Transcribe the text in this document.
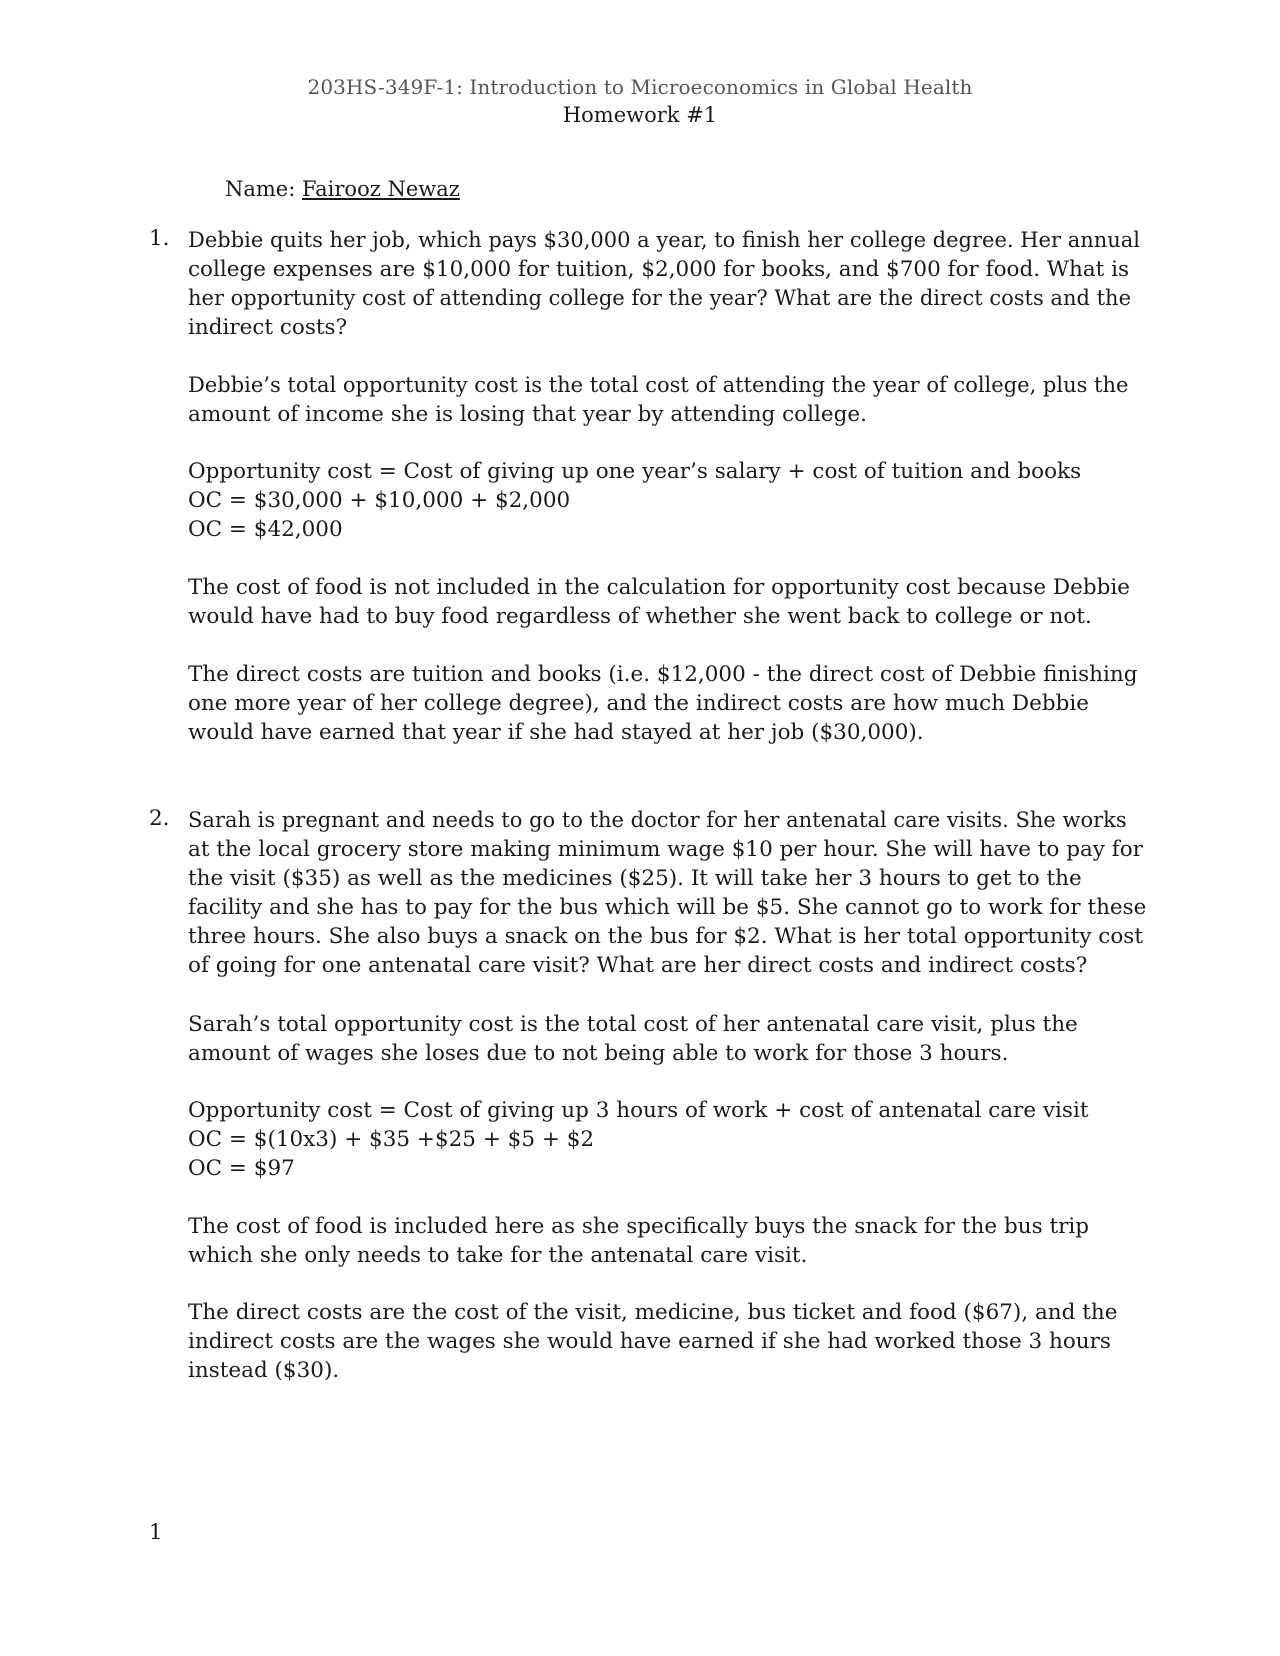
203HS-349F-1: Introduction to Microeconomics in Global Health
Homework #1
Name: Fairooz Newaz
1. Debbie quits her job, which pays $30,000 a year, to finish her college degree. Her annual
college expenses are $10,000 for tuition, $2,000 for books, and $700 for food. What is
her opportunity cost of attending college for the year? What are the direct costs and the
indirect costs?
Debbie’s total opportunity cost is the total cost of attending the year of college, plus the
amount of income she is losing that year by attending college.
Opportunity cost = Cost of giving up one year’s salary + cost of tuition and books
OC = $30,000 + $10,000 + $2,000
OC = $42,000
The cost of food is not included in the calculation for opportunity cost because Debbie
would have had to buy food regardless of whether she went back to college or not.
The direct costs are tuition and books (i.e. $12,000 - the direct cost of Debbie finishing
one more year of her college degree), and the indirect costs are how much Debbie
would have earned that year if she had stayed at her job ($30,000).
2. Sarah is pregnant and needs to go to the doctor for her antenatal care visits. She works
at the local grocery store making minimum wage $10 per hour. She will have to pay for
the visit ($35) as well as the medicines ($25). It will take her 3 hours to get to the
facility and she has to pay for the bus which will be $5. She cannot go to work for these
three hours. She also buys a snack on the bus for $2. What is her total opportunity cost
of going for one antenatal care visit? What are her direct costs and indirect costs?
Sarah’s total opportunity cost is the total cost of her antenatal care visit, plus the
amount of wages she loses due to not being able to work for those 3 hours.
Opportunity cost = Cost of giving up 3 hours of work + cost of antenatal care visit
OC = $(10x3) + $35 +$25 + $5 + $2
OC = $97
The cost of food is included here as she specifically buys the snack for the bus trip
which she only needs to take for the antenatal care visit.
The direct costs are the cost of the visit, medicine, bus ticket and food ($67), and the
indirect costs are the wages she would have earned if she had worked those 3 hours
instead ($30).
1
